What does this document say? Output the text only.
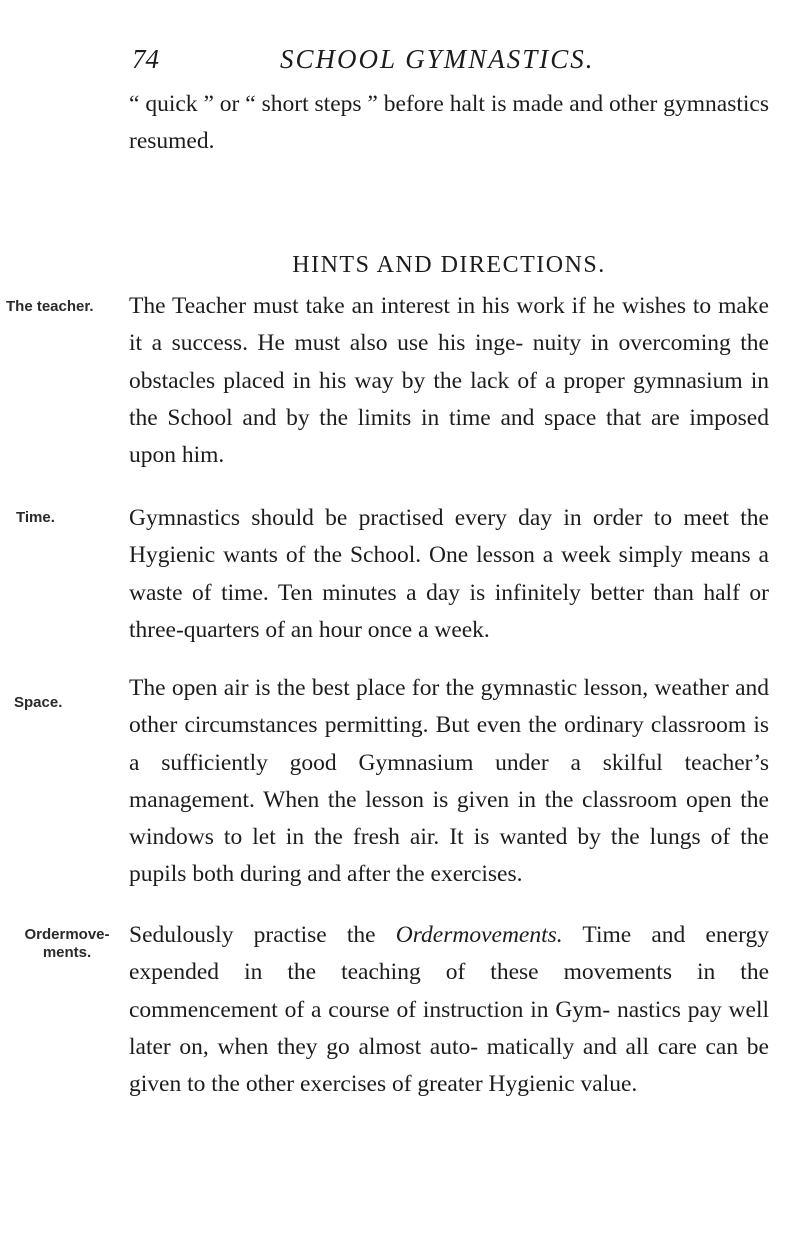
74	SCHOOL GYMNASTICS.

“ quick ” or “ short steps ” before halt is made and other gymnastics resumed.

HINTS AND DIRECTIONS.
The teacher.	The Teacher must take an interest in his work if he wishes to make it a success. He must also use his inge- nuity in overcoming the obstacles placed in his way by the lack of a proper gymnasium in the School and by the limits in time and space that are imposed upon him.

Time.	Gymnastics should be practised every day in order to meet the Hygienic wants of the School. One lesson a week simply means a waste of time. Ten minutes a day is infinitely better than half or three-quarters of an hour once a week.

Space.

The open air is the best place for the gymnastic lesson, weather and other circumstances permitting. But even the ordinary classroom is a sufficiently good Gymnasium under a skilful teacher’s management. When the lesson is given in the classroom open the windows to let in the fresh air. It is wanted by the lungs of the pupils both during and after the exercises.

Ordermove-
ments.

Sedulously practise the Ordermovements. Time and energy expended in the teaching of these movements in the commencement of a course of instruction in Gym- nastics pay well later on, when they go almost auto- matically and all care can be given to the other exercises of greater Hygienic value.
